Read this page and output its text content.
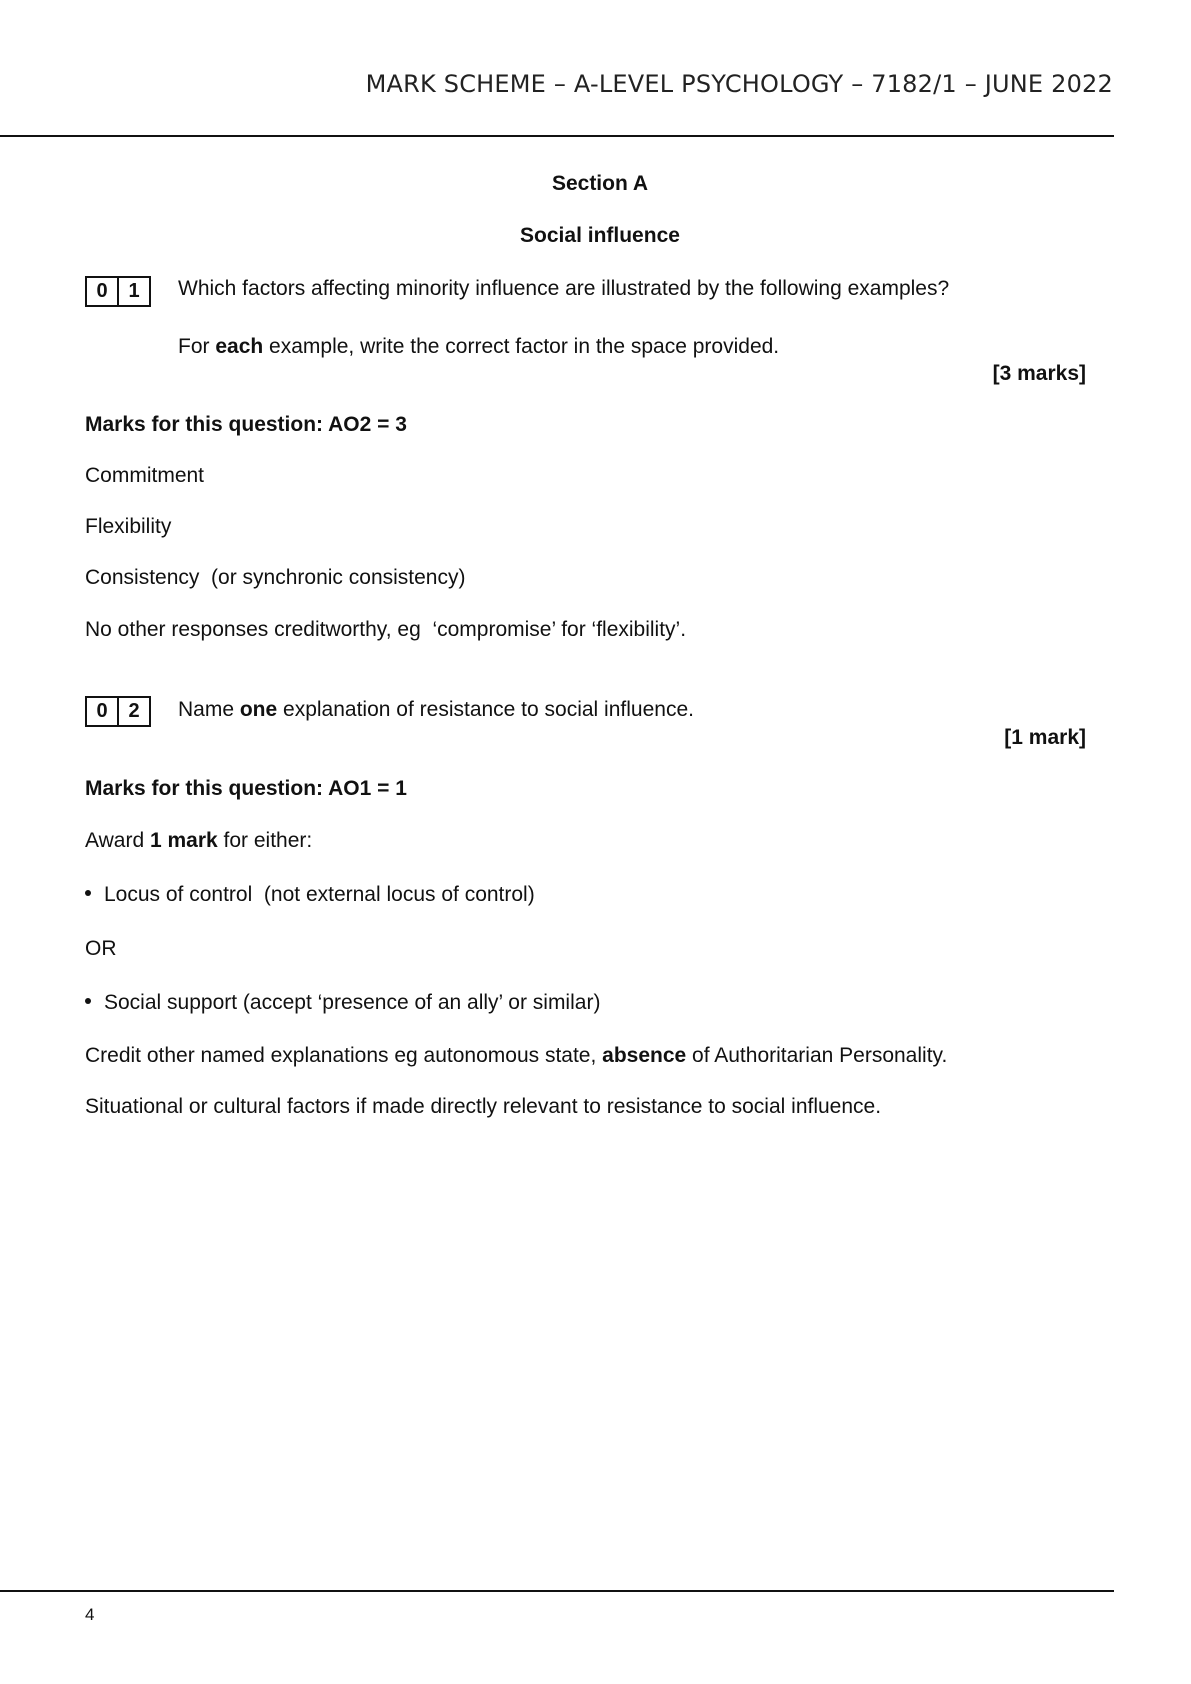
MARK SCHEME – A-LEVEL PSYCHOLOGY – 7182/1 – JUNE 2022
Section A
Social influence
0	1	Which factors affecting minority influence are illustrated by the following examples?
For each example, write the correct factor in the space provided.
[3 marks]
Marks for this question: AO2 = 3
Commitment
Flexibility
Consistency  (or synchronic consistency)
No other responses creditworthy, eg  ‘compromise’ for ‘flexibility’.
0	2	Name one explanation of resistance to social influence.
[1 mark]
Marks for this question: AO1 = 1
Award 1 mark for either:
Locus of control  (not external locus of control)
OR
Social support (accept ‘presence of an ally’ or similar)
Credit other named explanations eg autonomous state, absence of Authoritarian Personality.
Situational or cultural factors if made directly relevant to resistance to social influence.
4
